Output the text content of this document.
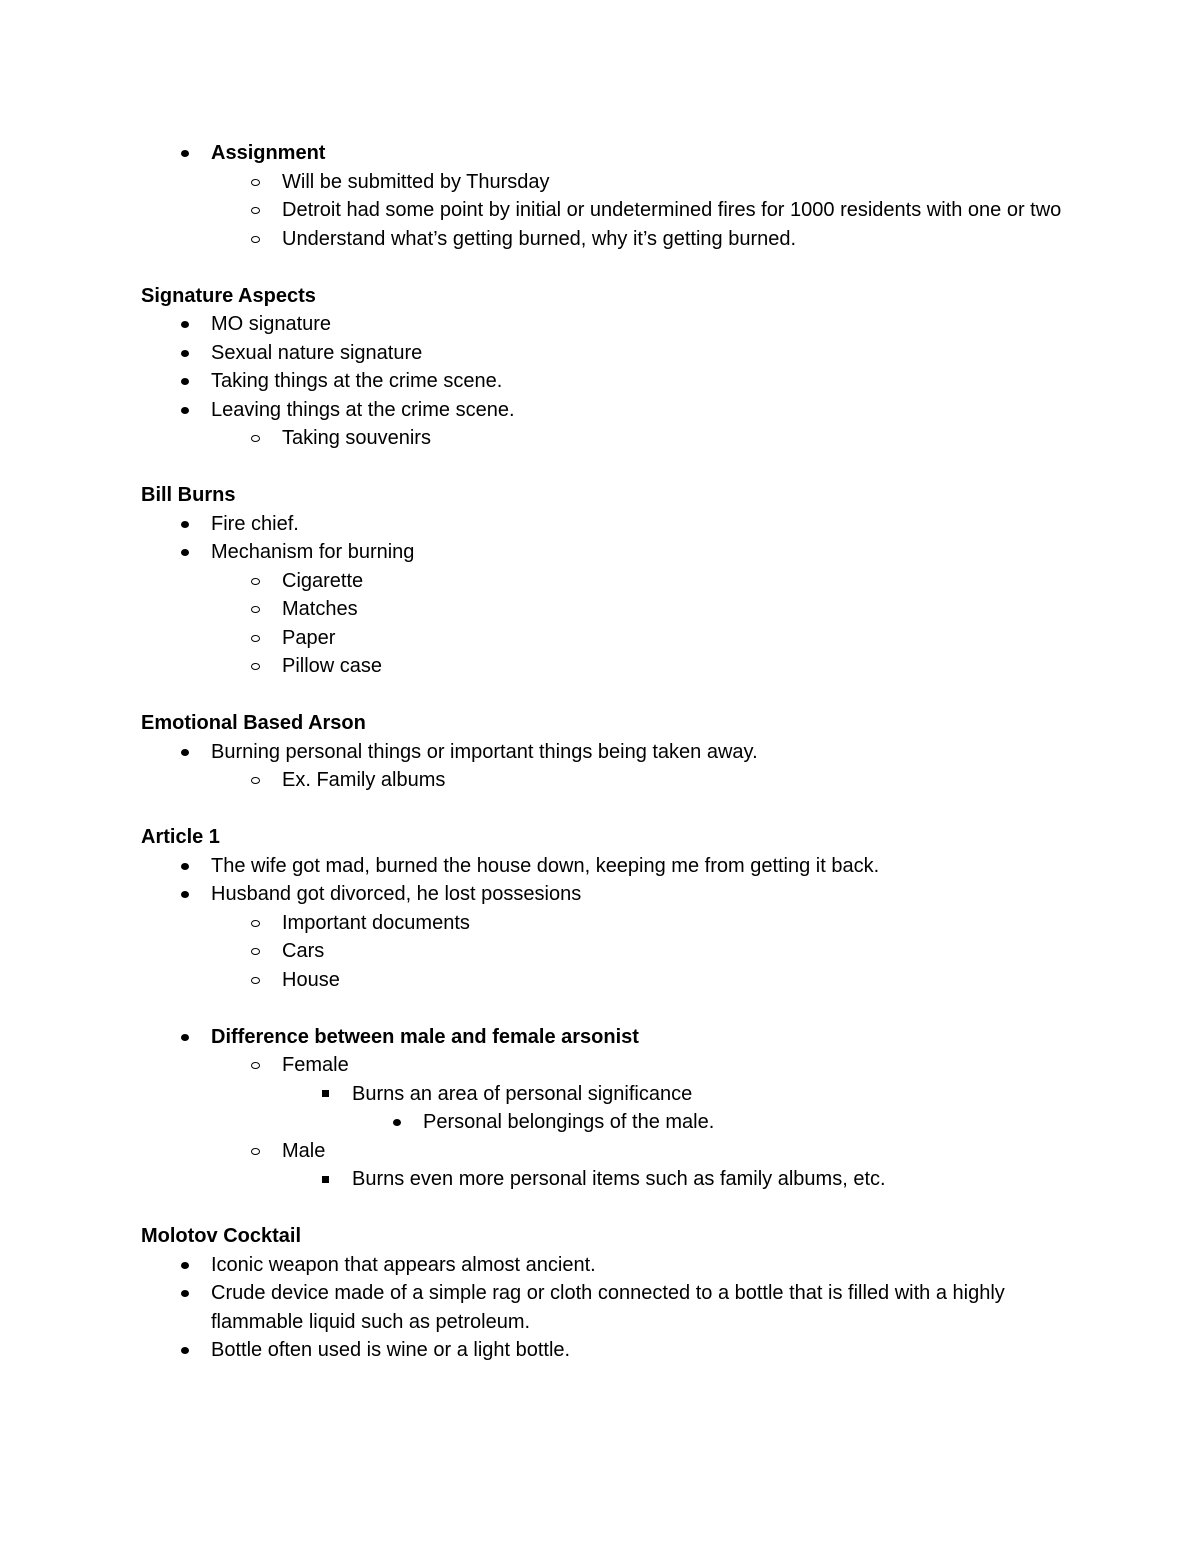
Assignment
Will be submitted by Thursday
Detroit had some point by initial or undetermined fires for 1000 residents with one or two
Understand what’s getting burned, why it’s getting burned.
Signature Aspects
MO signature
Sexual nature signature
Taking things at the crime scene.
Leaving things at the crime scene.
Taking souvenirs
Bill Burns
Fire chief.
Mechanism for burning
Cigarette
Matches
Paper
Pillow case
Emotional Based Arson
Burning personal things or important things being taken away.
Ex. Family albums
Article 1
The wife got mad, burned the house down, keeping me from getting it back.
Husband got divorced, he lost possesions
Important documents
Cars
House
Difference between male and female arsonist
Female
Burns an area of personal significance
Personal belongings of the male.
Male
Burns even more personal items such as family albums, etc.
Molotov Cocktail
Iconic weapon that appears almost ancient.
Crude device made of a simple rag or cloth connected to a bottle that is filled with a highly flammable liquid such as petroleum.
Bottle often used is wine or a light bottle.
